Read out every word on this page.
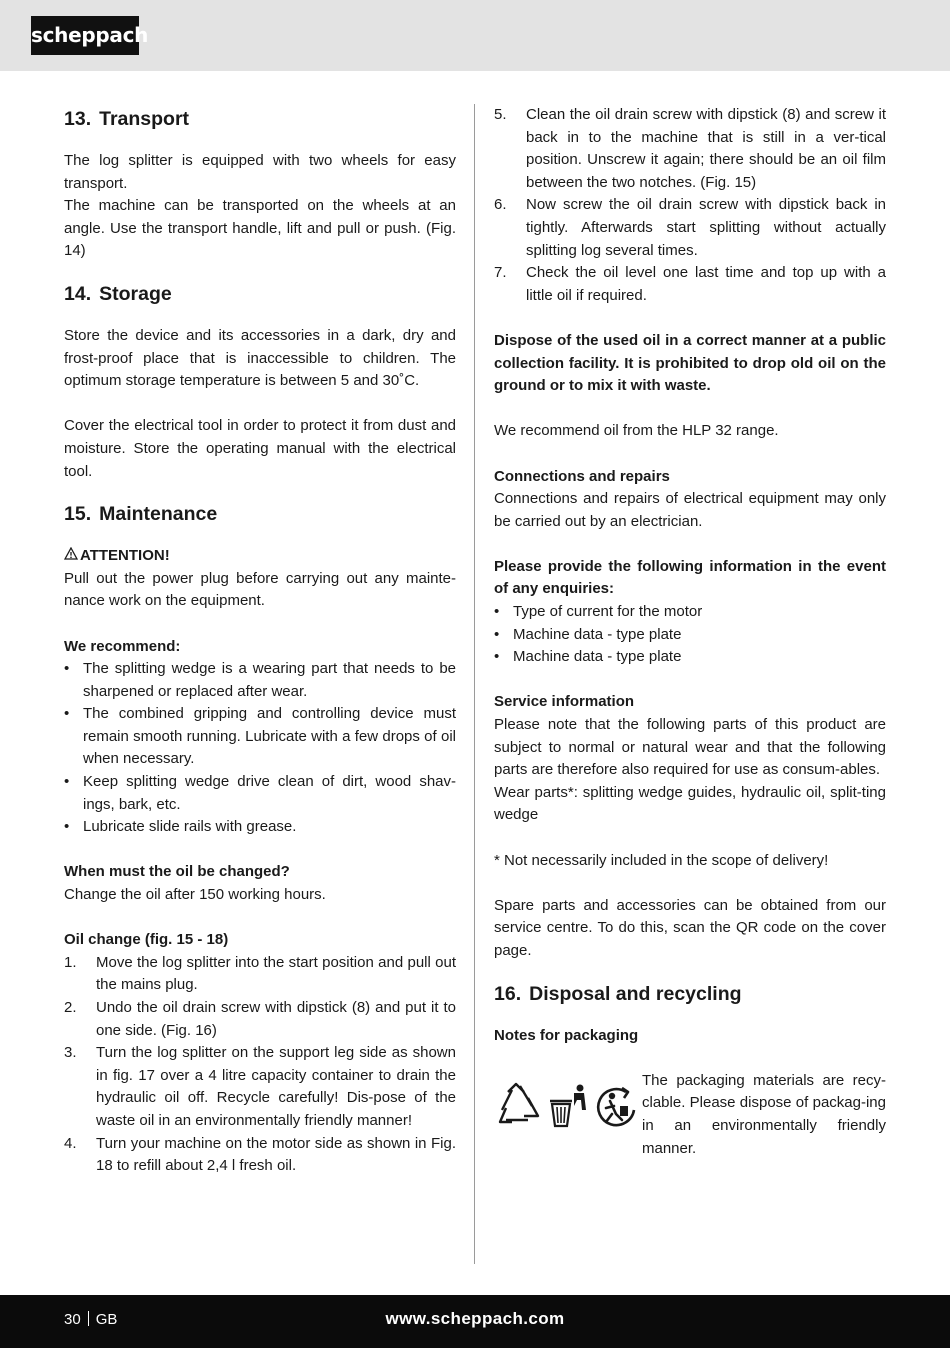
scheppach
13. Transport

The log splitter is equipped with two wheels for easy transport.

The machine can be transported on the wheels at an angle. Use the transport handle, lift and pull or push. (Fig. 14)

14. Storage

Store the device and its accessories in a dark, dry and frost-proof place that is inaccessible to children. The optimum storage temperature is between 5 and 30˚C.

Cover the electrical tool in order to protect it from dust and moisture. Store the operating manual with the electrical tool.

15. Maintenance

ATTENTION!

Pull out the power plug before carrying out any mainte-nance work on the equipment.

We recommend:

• The splitting wedge is a wearing part that needs to be sharpened or replaced after wear.
• The combined gripping and controlling device must remain smooth running. Lubricate with a few drops of oil when necessary.
• Keep splitting wedge drive clean of dirt, wood shav-ings, bark, etc.
• Lubricate slide rails with grease.

When must the oil be changed?

Change the oil after 150 working hours.

Oil change (fig. 15 - 18)

1. Move the log splitter into the start position and pull out the mains plug.
2. Undo the oil drain screw with dipstick (8) and put it to one side. (Fig. 16)
3. Turn the log splitter on the support leg side as shown in fig. 17 over a 4 litre capacity container to drain the hydraulic oil off. Recycle carefully! Dis-pose of the waste oil in an environmentally friendly manner!
4. Turn your machine on the motor side as shown in Fig. 18 to refill about 2,4 l fresh oil.
5. Clean the oil drain screw with dipstick (8) and screw it back in to the machine that is still in a ver-tical position. Unscrew it again; there should be an oil film between the two notches. (Fig. 15)
6. Now screw the oil drain screw with dipstick back in tightly. Afterwards start splitting without actually splitting log several times.
7. Check the oil level one last time and top up with a little oil if required.

Dispose of the used oil in a correct manner at a public collection facility. It is prohibited to drop old oil on the ground or to mix it with waste.

We recommend oil from the HLP 32 range.

Connections and repairs

Connections and repairs of electrical equipment may only be carried out by an electrician.

Please provide the following information in the event of any enquiries:

• Type of current for the motor
• Machine data - type plate
• Machine data - type plate

Service information

Please note that the following parts of this product are subject to normal or natural wear and that the following parts are therefore also required for use as consum-ables.

Wear parts*: splitting wedge guides, hydraulic oil, split-ting wedge

* Not necessarily included in the scope of delivery!

Spare parts and accessories can be obtained from our service centre. To do this, scan the QR code on the cover page.

16. Disposal and recycling

Notes for packaging

The packaging materials are recy-clable. Please dispose of packag-ing in an environmentally friendly manner.

30 GB	www.scheppach.com
